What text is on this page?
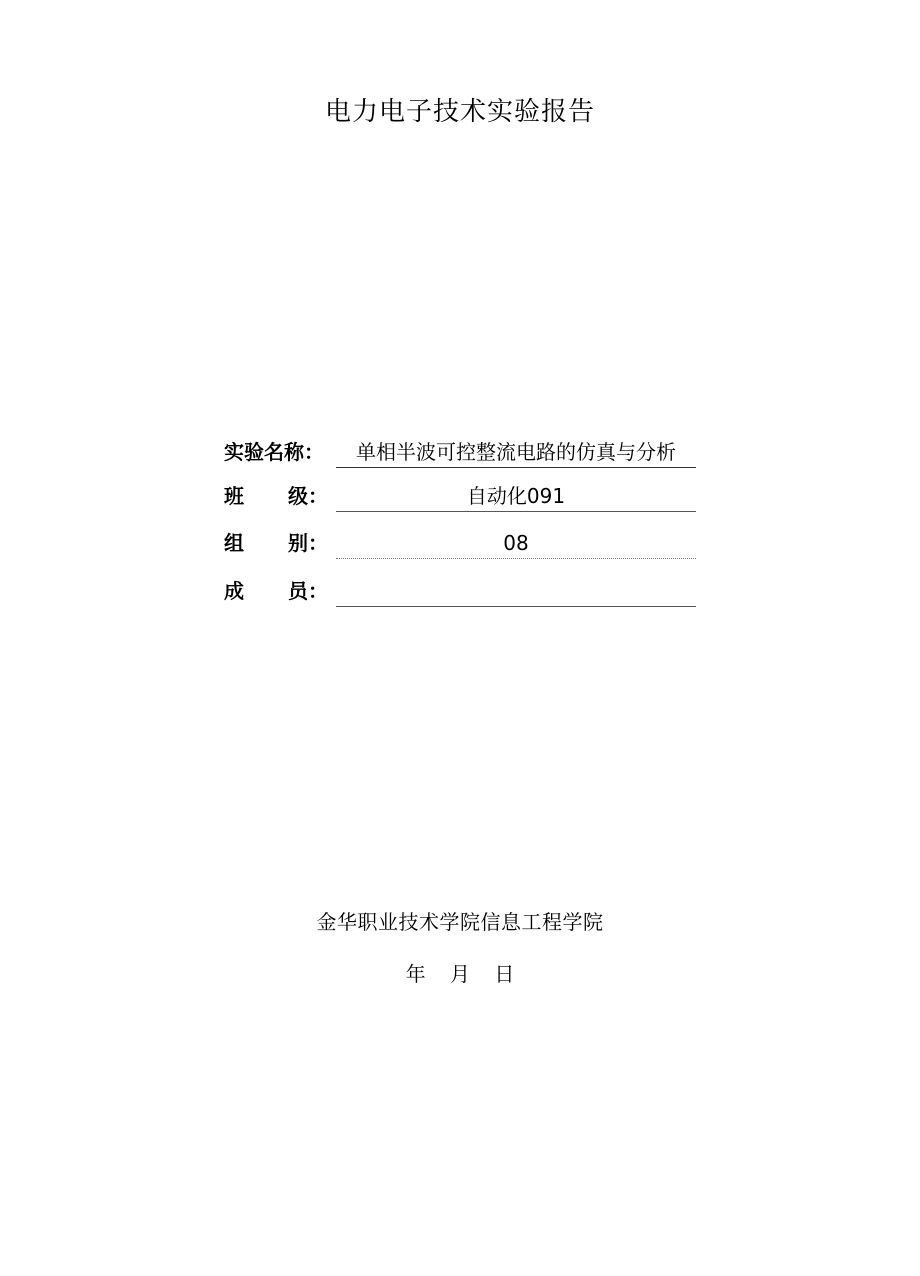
电力电子技术实验报告
实验名称：	单相半波可控整流电路的仿真与分析
班 级：	自动化091
组 别：	08
成 员：
金华职业技术学院信息工程学院
年 月 日
